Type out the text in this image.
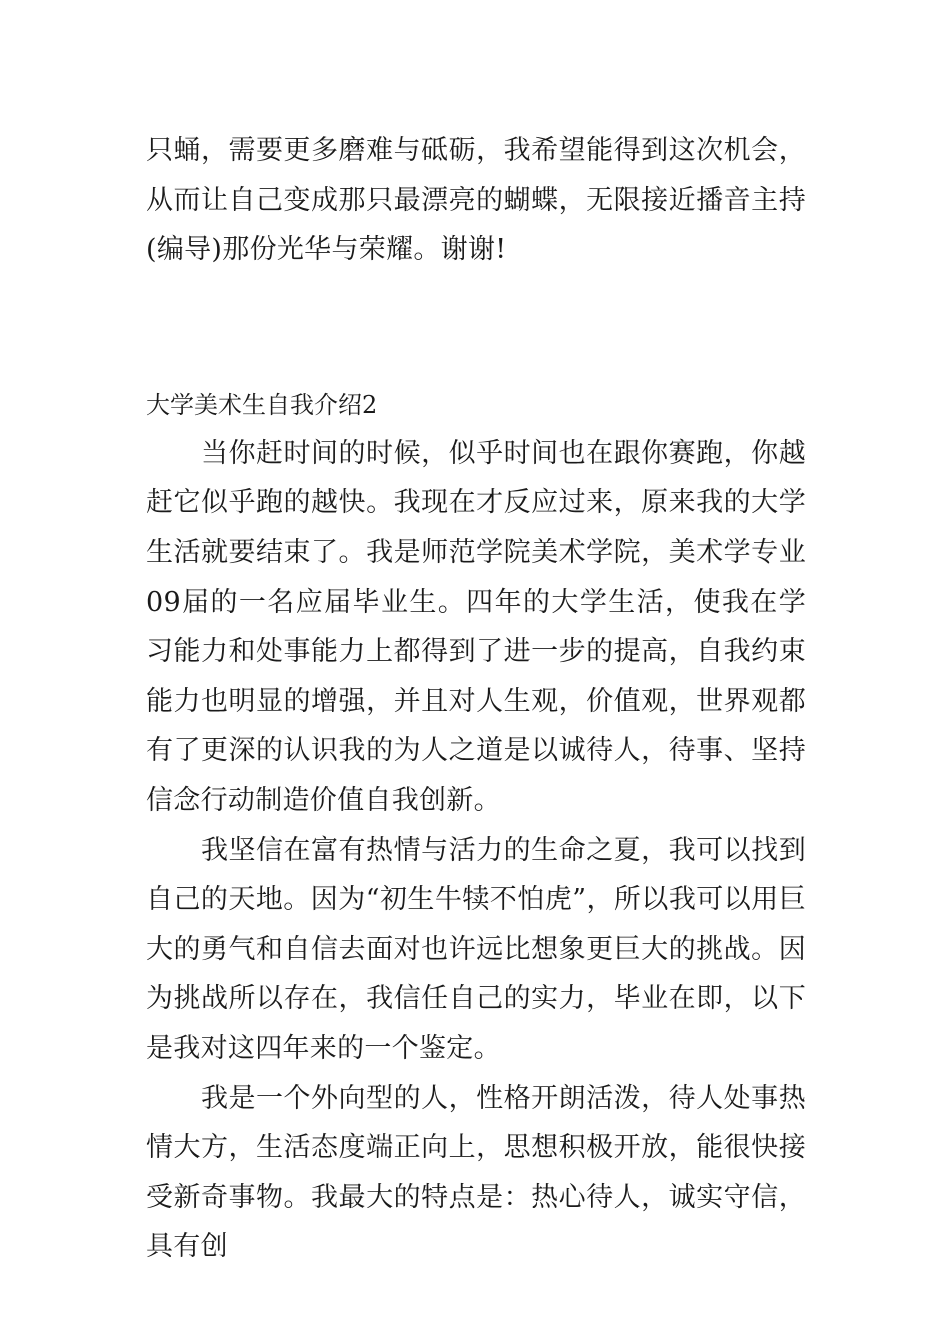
只蛹，需要更多磨难与砥砺，我希望能得到这次机会，从而让自己变成那只最漂亮的蝴蝶，无限接近播音主持(编导)那份光华与荣耀。谢谢!

大学美术生自我介绍2

当你赶时间的时候，似乎时间也在跟你赛跑，你越赶它似乎跑的越快。我现在才反应过来，原来我的大学生活就要结束了。我是师范学院美术学院，美术学专业09届的一名应届毕业生。四年的大学生活，使我在学习能力和处事能力上都得到了进一步的提高，自我约束能力也明显的增强，并且对人生观，价值观，世界观都有了更深的认识我的为人之道是以诚待人，待事、坚持信念行动制造价值自我创新。

我坚信在富有热情与活力的生命之夏，我可以找到自己的天地。因为“初生牛犊不怕虎”，所以我可以用巨大的勇气和自信去面对也许远比想象更巨大的挑战。因为挑战所以存在，我信任自己的实力，毕业在即，以下是我对这四年来的一个鉴定。

我是一个外向型的人，性格开朗活泼，待人处事热情大方，生活态度端正向上，思想积极开放，能很快接受新奇事物。我最大的特点是：热心待人，诚实守信，具有创
